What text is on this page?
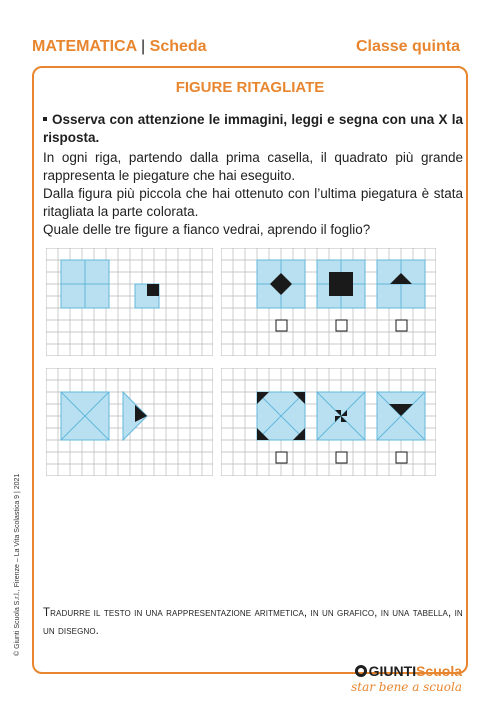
MATEMATICA | Scheda	Classe quinta
FIGURE RITAGLIATE

Osserva con attenzione le immagini, leggi e segna con una X la risposta.

In ogni riga, partendo dalla prima casella, il quadrato più grande rappresenta le piegature che hai eseguito.

Dalla figura più piccola che hai ottenuto con l’ultima piegatura è stata ritagliata la parte colorata.

Quale delle tre figure a fianco vedrai, aprendo il foglio?

Tradurre il testo in una rappresentazione aritmetica, in un grafico, in una tabella, in un disegno.
© Giunti Scuola S.r.l., Firenze – La Vita Scolastica 9 | 2021
GIUNTIScuola
star bene a scuola
